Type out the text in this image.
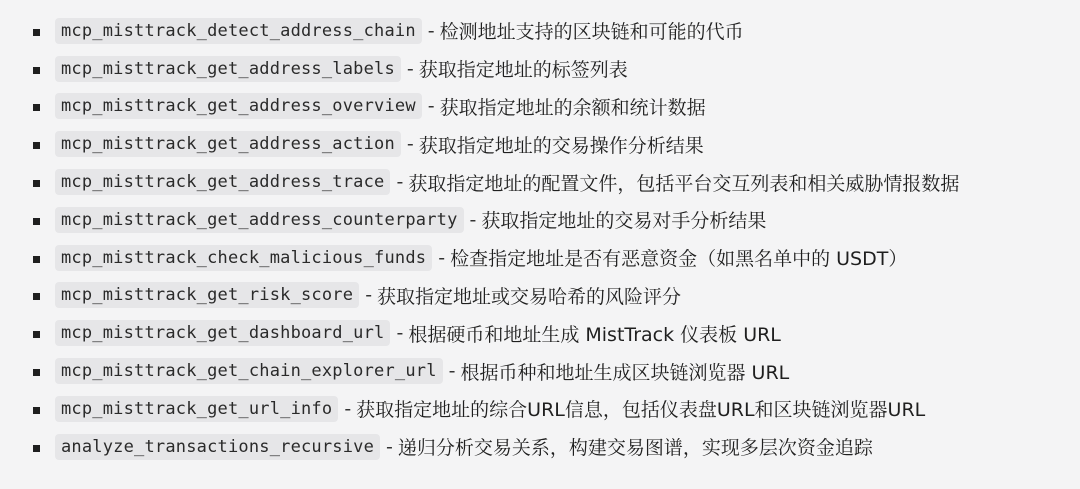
mcp_misttrack_detect_address_chain - 检测地址支持的区块链和可能的代币
mcp_misttrack_get_address_labels - 获取指定地址的标签列表
mcp_misttrack_get_address_overview - 获取指定地址的余额和统计数据
mcp_misttrack_get_address_action - 获取指定地址的交易操作分析结果
mcp_misttrack_get_address_trace - 获取指定地址的配置文件，包括平台交互列表和相关威胁情报数据
mcp_misttrack_get_address_counterparty - 获取指定地址的交易对手分析结果
mcp_misttrack_check_malicious_funds - 检查指定地址是否有恶意资金（如黑名单中的 USDT）
mcp_misttrack_get_risk_score - 获取指定地址或交易哈希的风险评分
mcp_misttrack_get_dashboard_url - 根据硬币和地址生成 MistTrack 仪表板 URL
mcp_misttrack_get_chain_explorer_url - 根据币种和地址生成区块链浏览器 URL
mcp_misttrack_get_url_info - 获取指定地址的综合URL信息，包括仪表盘URL和区块链浏览器URL
analyze_transactions_recursive - 递归分析交易关系，构建交易图谱，实现多层次资金追踪
